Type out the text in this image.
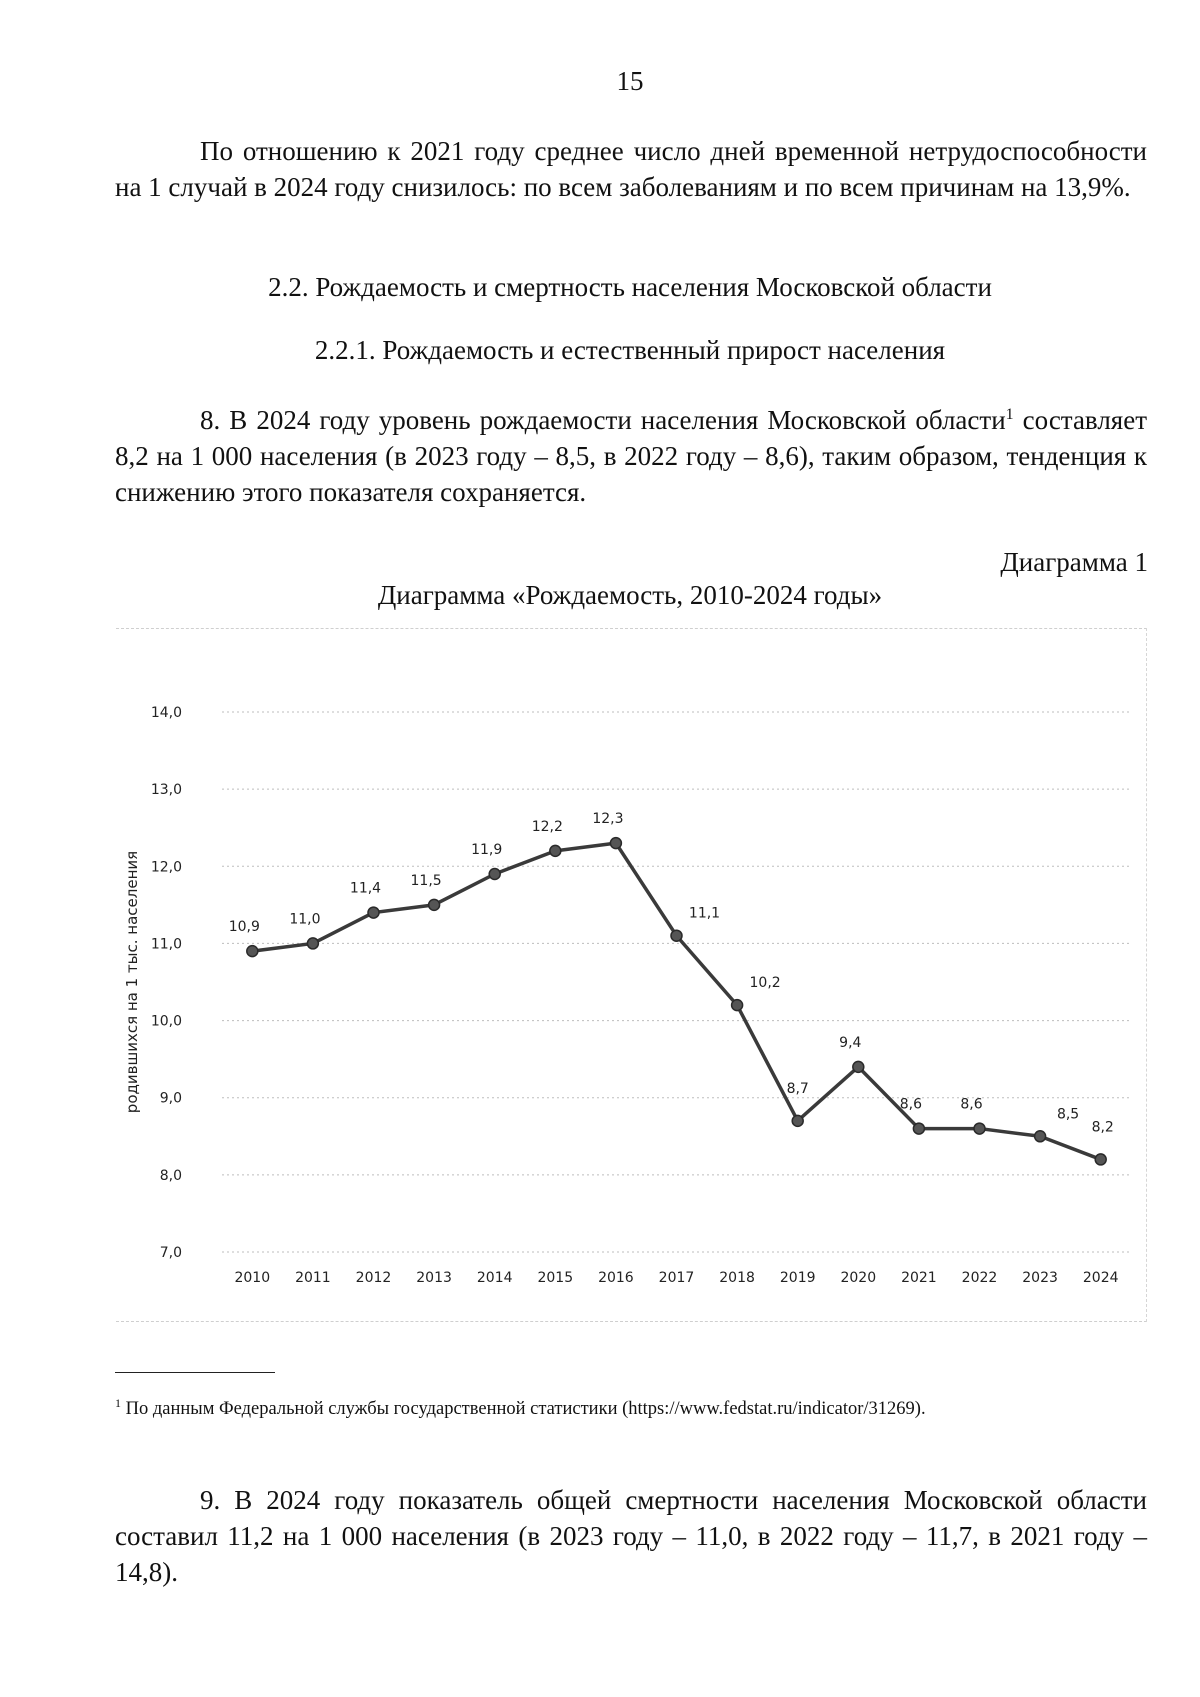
15
По отношению к 2021 году среднее число дней временной нетрудоспособности на 1 случай в 2024 году снизилось: по всем заболеваниям и по всем причинам на 13,9%.
2.2. Рождаемость и смертность населения Московской области
2.2.1. Рождаемость и естественный прирост населения
8. В 2024 году уровень рождаемости населения Московской области$^1$ составляет 8,2 на 1 000 населения (в 2023 году – 8,5, в 2022 году – 8,6), таким образом, тенденция к снижению этого показателя сохраняется.
Диаграмма 1
Диаграмма «Рождаемость, 2010-2024 годы»
7,0
8,0
9,0
10,0
11,0
12,0
13,0
14,0
2010 2011 2012 2013 2014 2015 2016 2017 2018 2019 2020 2021 2022 2023 2024
родившихся на 1 тыс. населения	10,9 11,0
11,4 11,5
11,9
12,2 12,3
11,1
10,2
8,7
9,4
8,6	8,6
8,5
8,2
$^1$ По данным Федеральной службы государственной статистики (https://www.fedstat.ru/indicator/31269).
9. В 2024 году показатель общей смертности населения Московской области составил 11,2 на 1 000 населения (в 2023 году – 11,0, в 2022 году – 11,7, в 2021 году – 14,8).
